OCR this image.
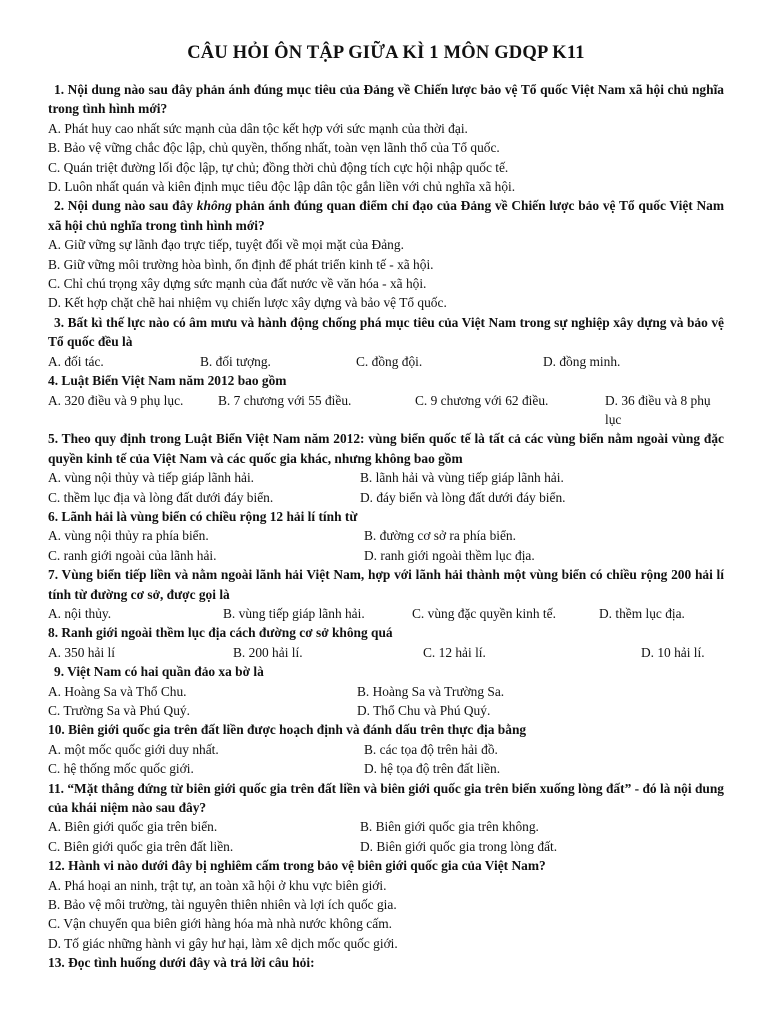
CÂU HỎI ÔN TẬP GIỮA KÌ 1 MÔN GDQP K11
1. Nội dung nào sau đây phản ánh đúng mục tiêu của Đảng về Chiến lược bảo vệ Tổ quốc Việt Nam xã hội chủ nghĩa trong tình hình mới?
A. Phát huy cao nhất sức mạnh của dân tộc kết hợp với sức mạnh của thời đại.
B. Bảo vệ vững chắc độc lập, chủ quyền, thống nhất, toàn vẹn lãnh thổ của Tổ quốc.
C. Quán triệt đường lối độc lập, tự chủ; đồng thời chủ động tích cực hội nhập quốc tế.
D. Luôn nhất quán và kiên định mục tiêu độc lập dân tộc gắn liền với chủ nghĩa xã hội.
2. Nội dung nào sau đây không phản ánh đúng quan điểm chỉ đạo của Đảng về Chiến lược bảo vệ Tổ quốc Việt Nam xã hội chủ nghĩa trong tình hình mới?
A. Giữ vững sự lãnh đạo trực tiếp, tuyệt đối về mọi mặt của Đảng.
B. Giữ vững môi trường hòa bình, ổn định để phát triển kinh tế - xã hội.
C. Chỉ chú trọng xây dựng sức mạnh của đất nước về văn hóa - xã hội.
D. Kết hợp chặt chẽ hai nhiệm vụ chiến lược xây dựng và bảo vệ Tổ quốc.
3. Bất kì thế lực nào có âm mưu và hành động chống phá mục tiêu của Việt Nam trong sự nghiệp xây dựng và bảo vệ Tổ quốc đều là
A. đối tác.	B. đối tượng.	C. đồng đội.	D. đồng minh.
4. Luật Biển Việt Nam năm 2012 bao gồm
A. 320 điều và 9 phụ lục.	B. 7 chương với 55 điều.	C. 9 chương với 62 điều.	D. 36 điều và 8 phụ lục
5. Theo quy định trong Luật Biển Việt Nam năm 2012: vùng biển quốc tế là tất cả các vùng biển nằm ngoài vùng đặc quyền kinh tế của Việt Nam và các quốc gia khác, nhưng không bao gồm
A. vùng nội thủy và tiếp giáp lãnh hải.	B. lãnh hải và vùng tiếp giáp lãnh hải.
C. thềm lục địa và lòng đất dưới đáy biển.	D. đáy biển và lòng đất dưới đáy biển.
6. Lãnh hải là vùng biển có chiều rộng 12 hải lí tính từ
A. vùng nội thủy ra phía biển.	B. đường cơ sở ra phía biển.
C. ranh giới ngoài của lãnh hải.	D. ranh giới ngoài thềm lục địa.
7. Vùng biển tiếp liền và nằm ngoài lãnh hải Việt Nam, hợp với lãnh hải thành một vùng biển có chiều rộng 200 hải lí tính từ đường cơ sở, được gọi là
A. nội thủy.	B. vùng tiếp giáp lãnh hải.	C. vùng đặc quyền kinh tế.	D. thềm lục địa.
8. Ranh giới ngoài thềm lục địa cách đường cơ sở không quá
A. 350 hải lí	B. 200 hải lí.	C. 12 hải lí.	D. 10 hải lí.
9. Việt Nam có hai quần đảo xa bờ là
A. Hoàng Sa và Thổ Chu.	B. Hoàng Sa và Trường Sa.
C. Trường Sa và Phú Quý.	D. Thổ Chu và Phú Quý.
10. Biên giới quốc gia trên đất liền được hoạch định và đánh dấu trên thực địa bằng
A. một mốc quốc giới duy nhất.	B. các tọa độ trên hải đồ.
C. hệ thống mốc quốc giới.	D. hệ tọa độ trên đất liền.
11. “Mặt thẳng đứng từ biên giới quốc gia trên đất liền và biên giới quốc gia trên biển xuống lòng đất” - đó là nội dung của khái niệm nào sau đây?
A. Biên giới quốc gia trên biển.	B. Biên giới quốc gia trên không.
C. Biên giới quốc gia trên đất liền.	D. Biên giới quốc gia trong lòng đất.
12. Hành vi nào dưới đây bị nghiêm cấm trong bảo vệ biên giới quốc gia của Việt Nam?
A. Phá hoại an ninh, trật tự, an toàn xã hội ở khu vực biên giới.
B. Bảo vệ môi trường, tài nguyên thiên nhiên và lợi ích quốc gia.
C. Vận chuyển qua biên giới hàng hóa mà nhà nước không cấm.
D. Tố giác những hành vi gây hư hại, làm xê dịch mốc quốc giới.
13. Đọc tình huống dưới đây và trả lời câu hỏi:
